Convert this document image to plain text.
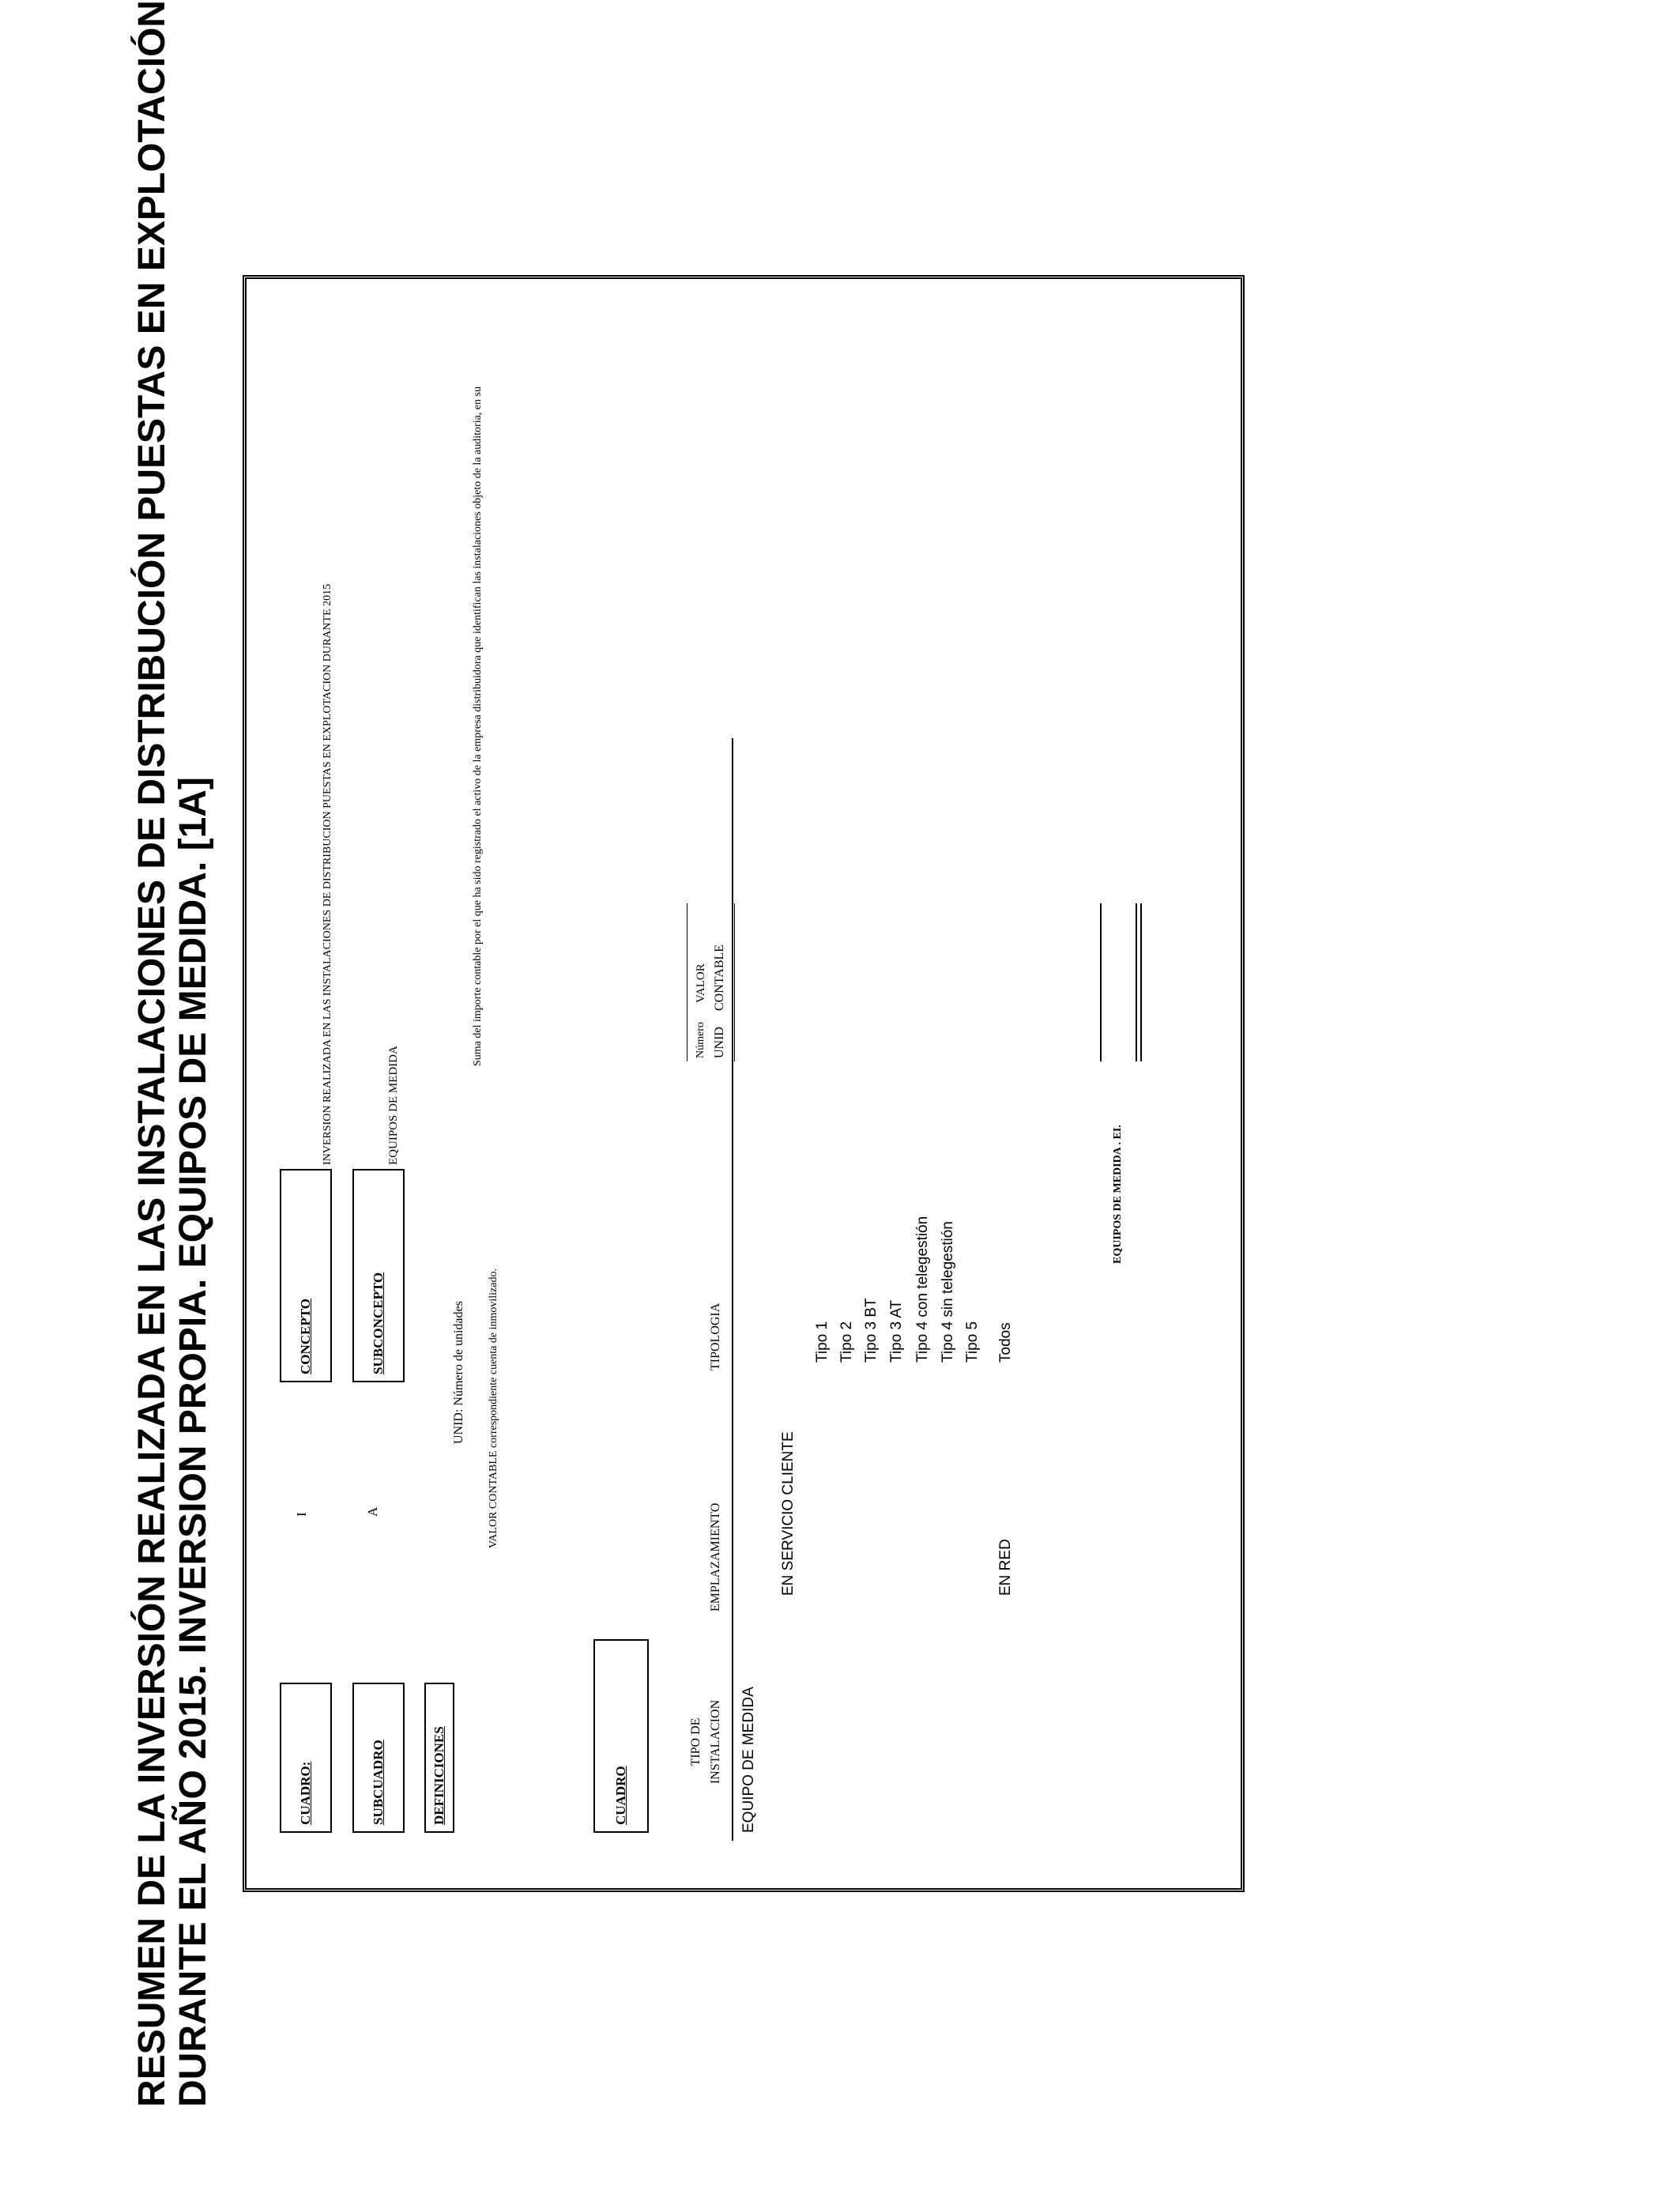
RESUMEN DE LA INVERSIÓN REALIZADA EN LAS INSTALACIONES DE DISTRIBUCIÓN PUESTAS EN EXPLOTACIÓN DURANTE EL AÑO 2015. INVERSION PROPIA. EQUIPOS DE MEDIDA. [1A]	CUADRO:
I
CONCEPTO
INVERSION REALIZADA EN LAS INSTALACIONES DE DISTRIBUCION PUESTAS EN EXPLOTACION DURANTE 2015
SUBCUADRO
A
SUBCONCEPTO
EQUIPOS DE MEDIDA
DEFINICIONES
UNID: Número de unidades
Suma del importe contable por el que ha sido registrado el activo de la empresa distribuidora que identifican las instalaciones objeto de la auditoria, en su
VALOR CONTABLE correspondiente cuenta de inmovilizado.
CUADRO
TIPO DE INSTALACION
EMPLAZAMIENTO
TIPOLOGIA
Número UNID
VALOR CONTABLE
EQUIPO DE MEDIDA
EN SERVICIO CLIENTE
Tipo 1 Tipo 2 Tipo 3 BT Tipo 3 AT Tipo 4 con telegestión Tipo 4 sin telegestión Tipo 5
EN RED
Todos
EQUIPOS DE MEDIDA . EI.
